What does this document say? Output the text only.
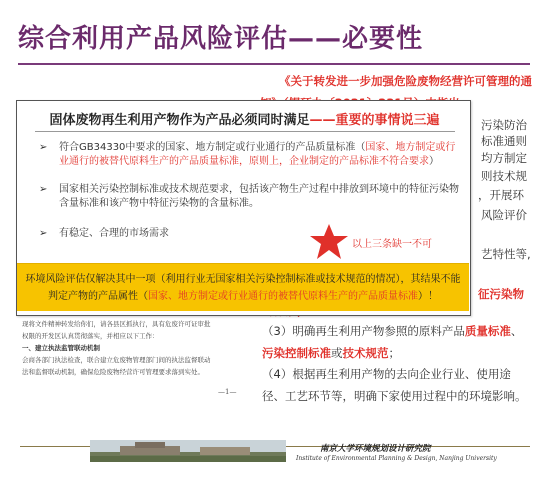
综合利用产品风险评估——必要性
《关于转发进一步加强危险废物经营许可管理的通
污染防治
标准通则
均方制定
则技术规
，开展环
风险评价
艺特性等,
征污染物
（3）明确再生利用产物参照的原料产品质量标准、污染控制标准或技术规范；
（4）根据再生利用产物的去向企业行业、使用途径、工艺环节等，明确下家使用过程中的环境影响。
现将文件精神转发给你们，请各县区抓执行，具有危废许可证审批
权限的开发区认真贯彻落实，并相应以下工作：
一、建立执法监管联动机制
会商各部门执法检查，联合建立危废物管理部门间的执法监督联动
法和监督联动机制，确保危险废物经营许可管理要求落到实处。
—1—
固体废物再生利用产物作为产品必须同时满足——重要的事情说三遍
➢	符合GB34330中要求的国家、地方制定或行业通行的产品质量标准（国家、地方制定或行业通行的被替代原料生产的产品质量标准，原则上，企业制定的产品标准不符合要求）
➢	国家相关污染控制标准或技术规范要求，包括该产物生产过程中排放到环境中的特征污染物含量标准和该产物中特征污染物的含量标准。
➢	有稳定、合理的市场需求
以上三条缺一不可
环境风险评估仅解决其中一项（利用行业无国家相关污染控制标准或技术规范的情况），其结果不能判定产物的产品属性（国家、地方制定或行业通行的被替代原料生产的产品质量标准）！
南京大学环境规划设计研究院
Institute of Environmental Planning & Design, Nanjing University
